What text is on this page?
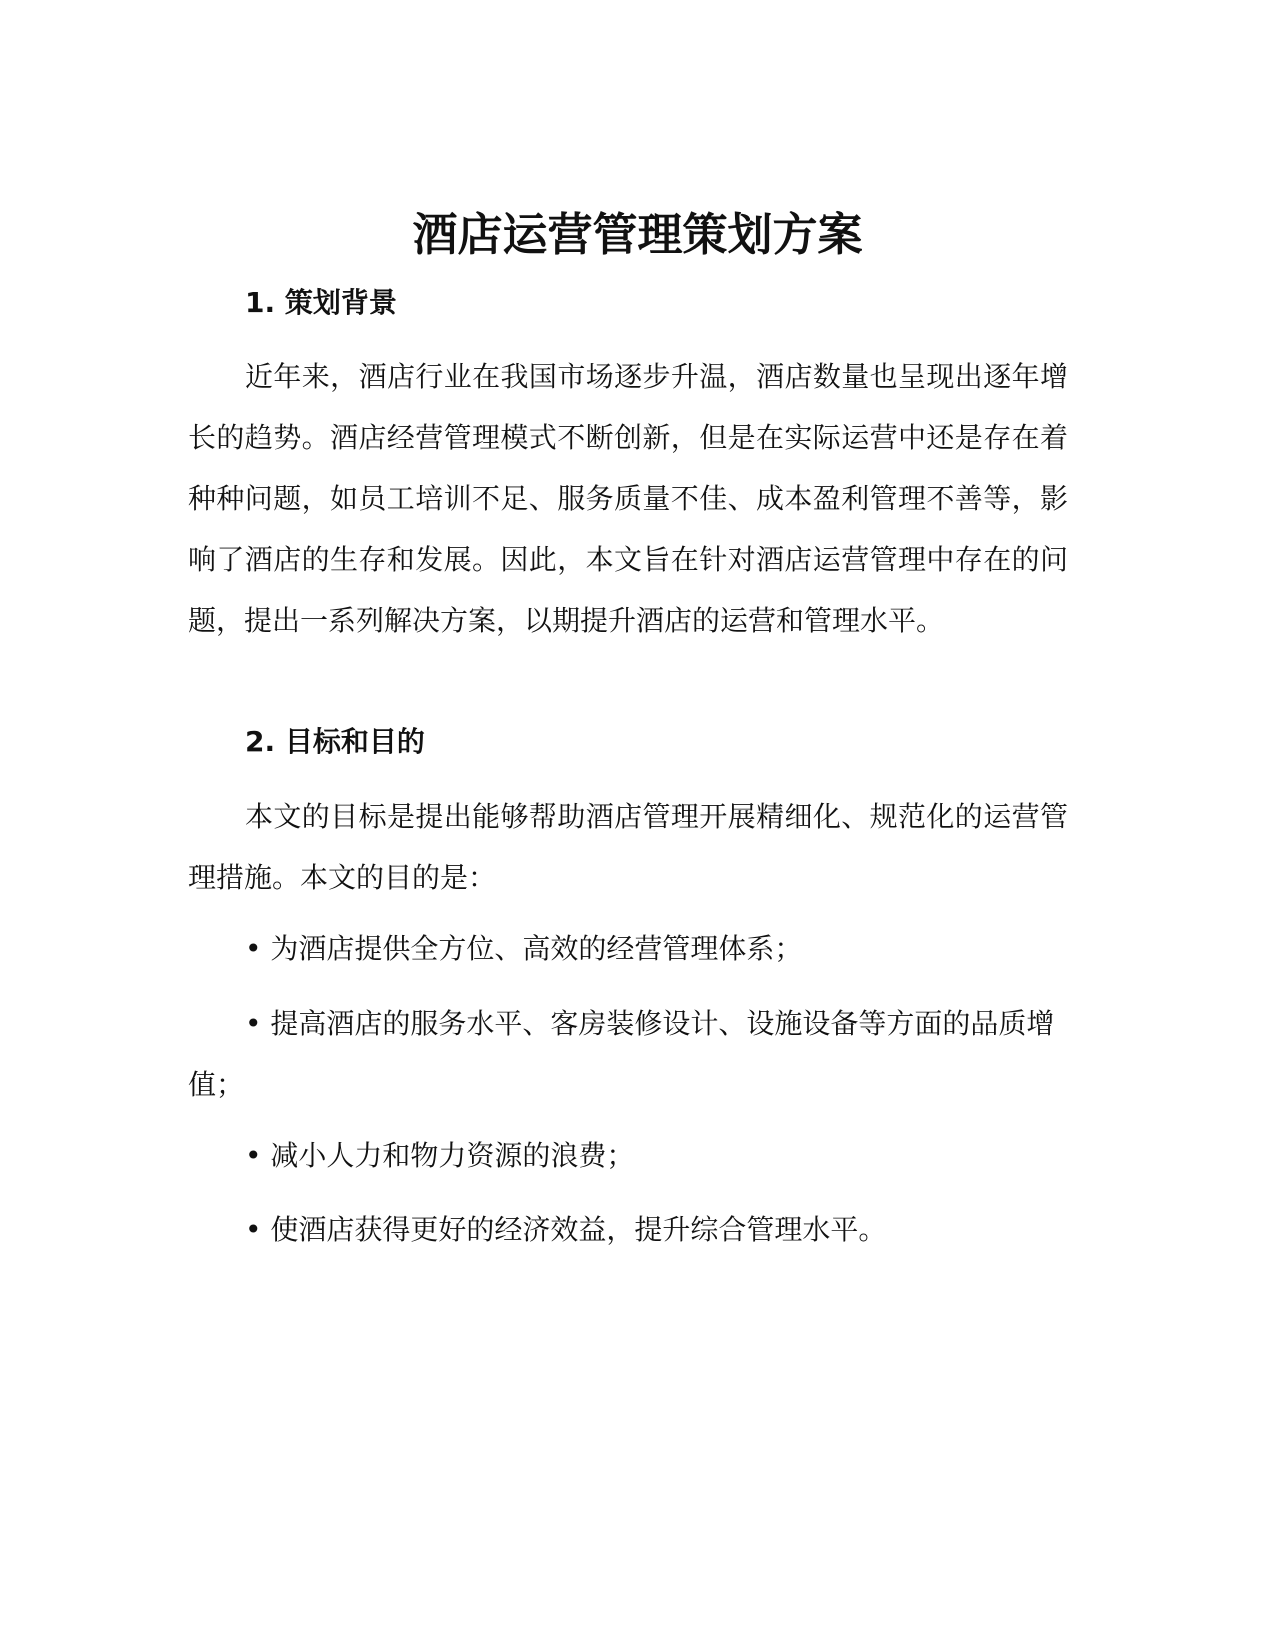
酒店运营管理策划方案
1. 策划背景
近年来，酒店行业在我国市场逐步升温，酒店数量也呈现出逐年增长的趋势。酒店经营管理模式不断创新，但是在实际运营中还是存在着种种问题，如员工培训不足、服务质量不佳、成本盈利管理不善等，影响了酒店的生存和发展。因此，本文旨在针对酒店运营管理中存在的问题，提出一系列解决方案，以期提升酒店的运营和管理水平。
2. 目标和目的
本文的目标是提出能够帮助酒店管理开展精细化、规范化的运营管理措施。本文的目的是：
• 为酒店提供全方位、高效的经营管理体系；
• 提高酒店的服务水平、客房装修设计、设施设备等方面的品质增值；
• 减小人力和物力资源的浪费；
• 使酒店获得更好的经济效益，提升综合管理水平。
